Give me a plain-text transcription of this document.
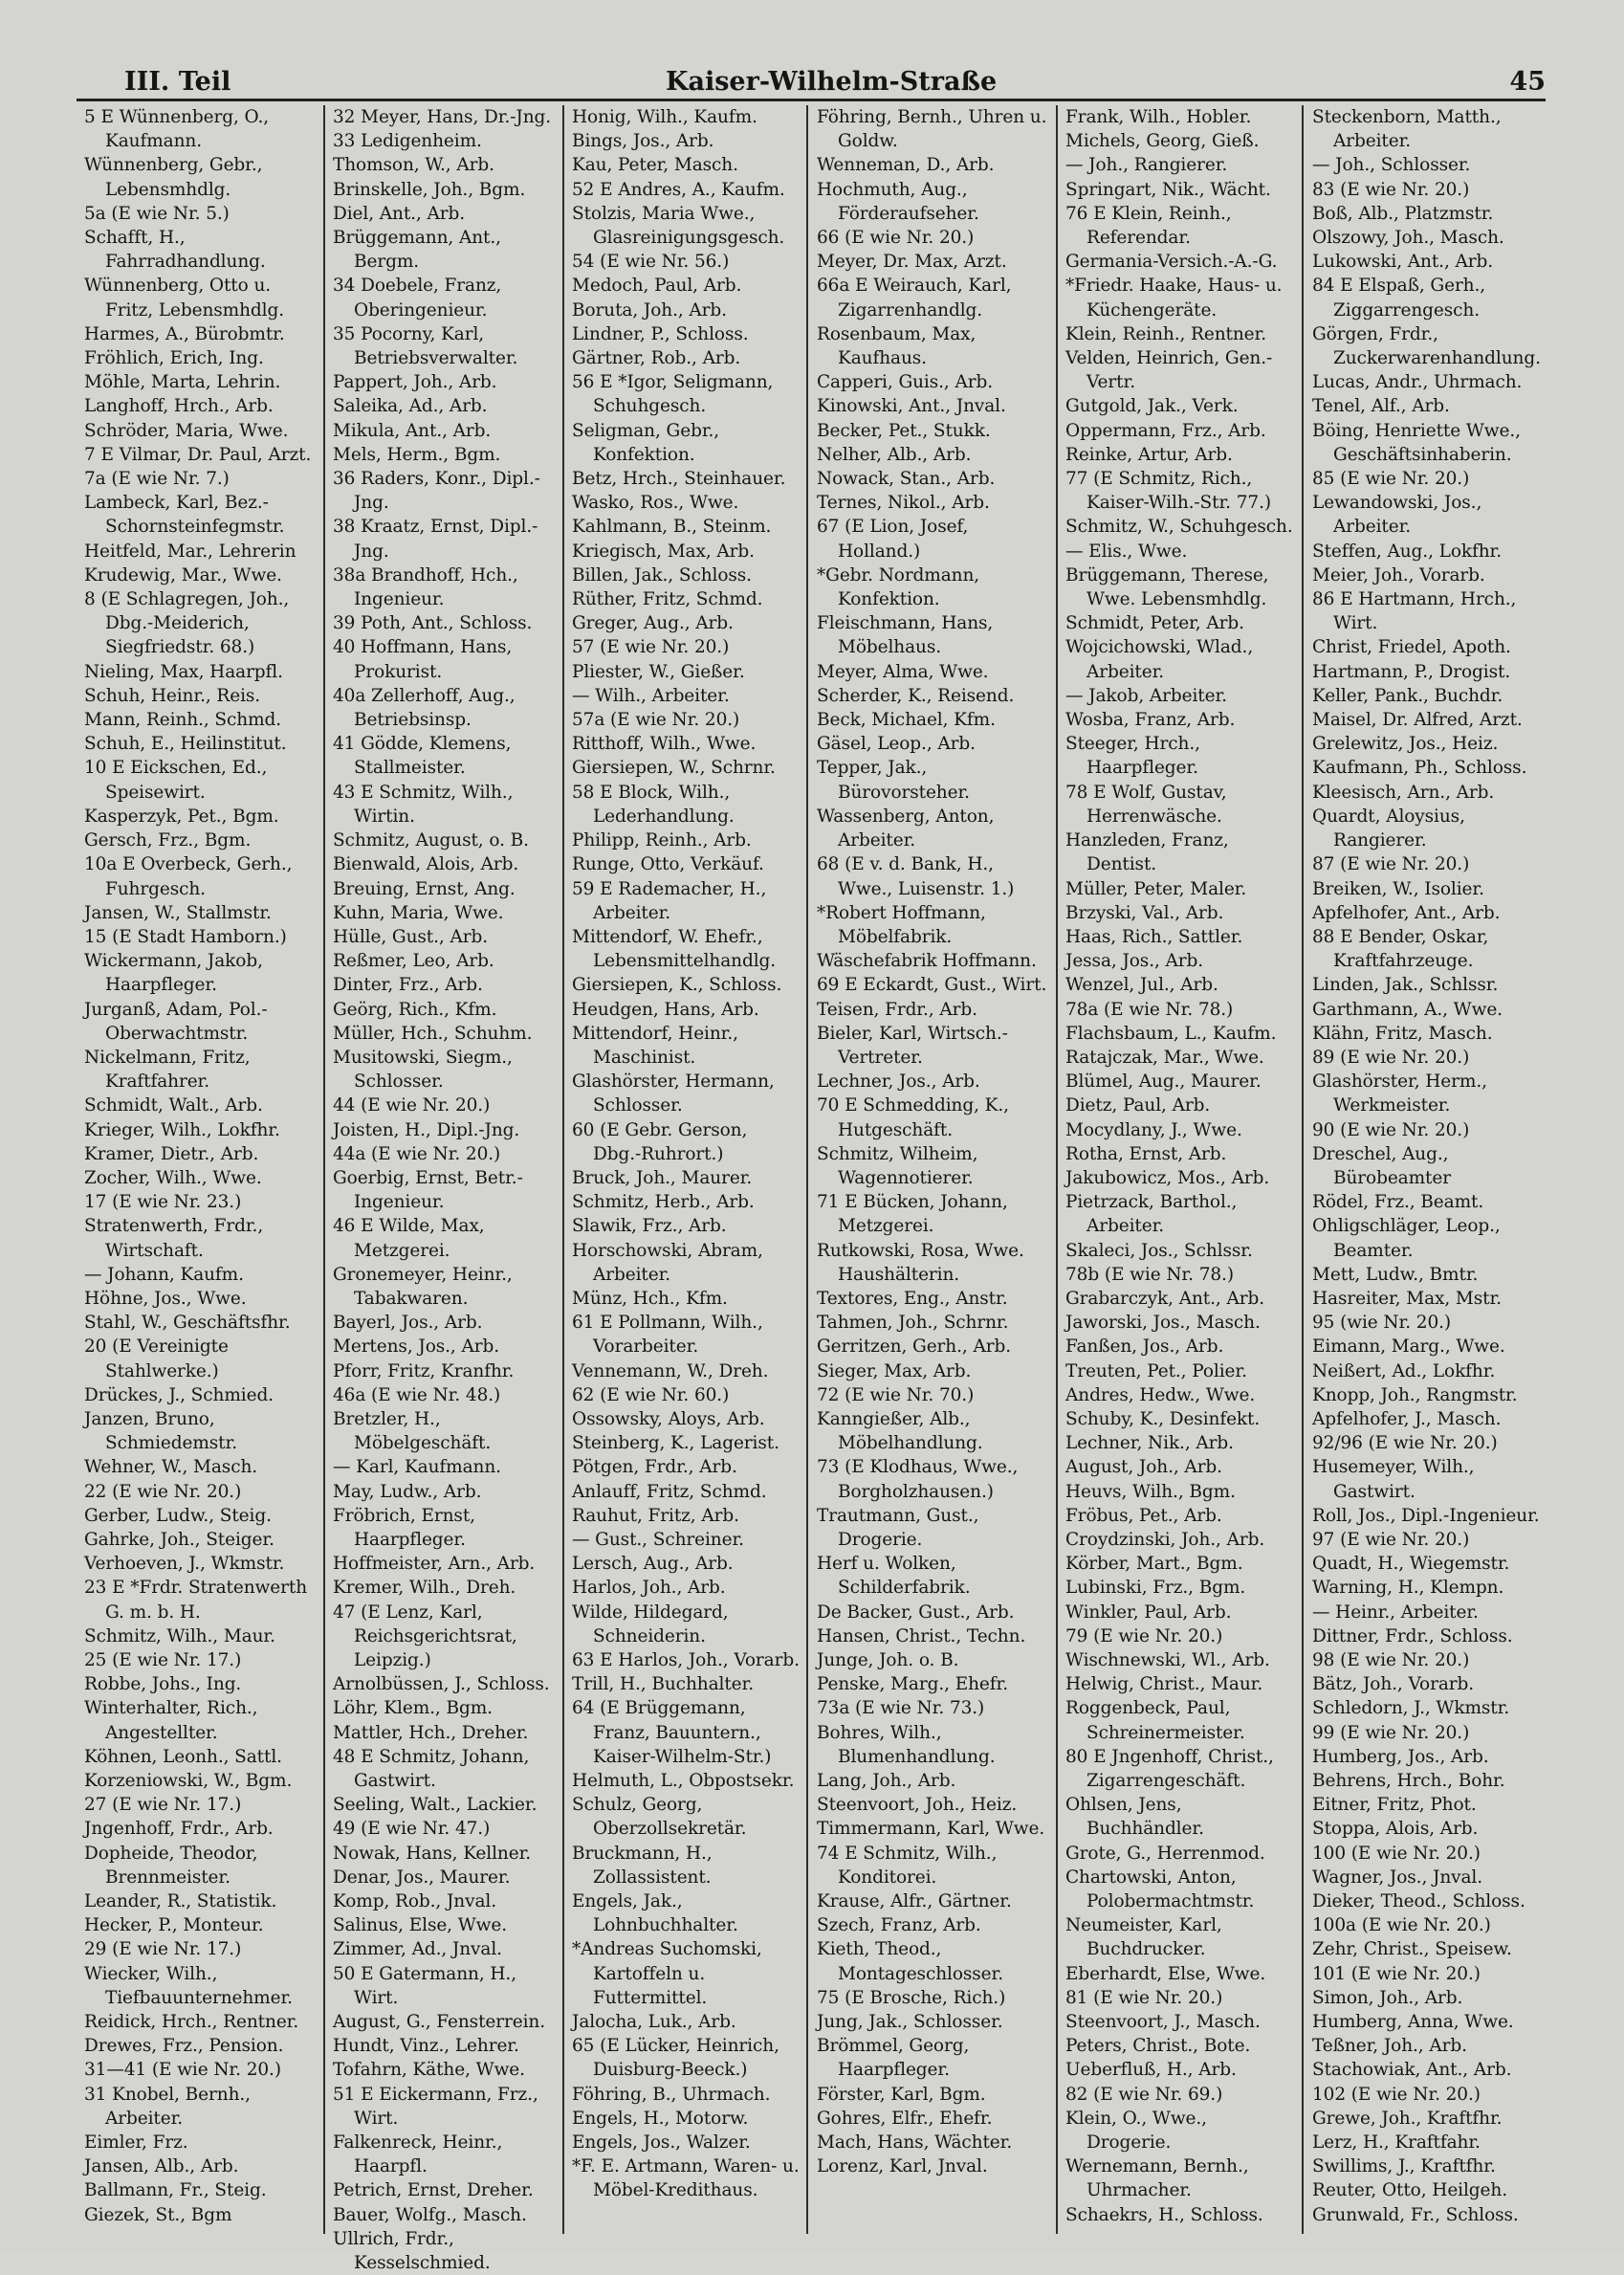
III. Teil	Kaiser-Wilhelm-Straße	45
5 E Wünnenberg, O., Kaufmann.
Wünnenberg, Gebr., Lebensmhdlg.
5a (E wie Nr. 5.)
Schafft, H., Fahrradhandlung.
Wünnenberg, Otto u. Fritz, Lebensmhdlg.
Harmes, A., Bürobmtr.
Fröhlich, Erich, Ing.
Möhle, Marta, Lehrin.
Langhoff, Hrch., Arb.
Schröder, Maria, Wwe.
7 E Vilmar, Dr. Paul, Arzt.
7a (E wie Nr. 7.)
Lambeck, Karl, Bez.-Schornsteinfegmstr.
Heitfeld, Mar., Lehrerin
Krudewig, Mar., Wwe.
8 (E Schlagregen, Joh., Dbg.-Meiderich, Siegfriedstr. 68.)
Nieling, Max, Haarpfl.
Schuh, Heinr., Reis.
Mann, Reinh., Schmd.
Schuh, E., Heilinstitut.
10 E Eickschen, Ed., Speisewirt.
Kasperzyk, Pet., Bgm.
Gersch, Frz., Bgm.
10a E Overbeck, Gerh., Fuhrgesch.
Jansen, W., Stallmstr.
15 (E Stadt Hamborn.)
Wickermann, Jakob, Haarpfleger.
Jurganß, Adam, Pol.-Oberwachtmstr.
Nickelmann, Fritz, Kraftfahrer.
Schmidt, Walt., Arb.
Krieger, Wilh., Lokfhr.
Kramer, Dietr., Arb.
Zocher, Wilh., Wwe.
17 (E wie Nr. 23.)
Stratenwerth, Frdr., Wirtschaft.
— Johann, Kaufm.
Höhne, Jos., Wwe.
Stahl, W., Geschäftsfhr.
20 (E Vereinigte Stahlwerke.)
Drückes, J., Schmied.
Janzen, Bruno, Schmiedemstr.
Wehner, W., Masch.
22 (E wie Nr. 20.)
Gerber, Ludw., Steig.
Gahrke, Joh., Steiger.
Verhoeven, J., Wkmstr.
23 E *Frdr. Stratenwerth G. m. b. H.
Schmitz, Wilh., Maur.
25 (E wie Nr. 17.)
Robbe, Johs., Ing.
Winterhalter, Rich., Angestellter.
Köhnen, Leonh., Sattl.
Korzeniowski, W., Bgm.
27 (E wie Nr. 17.)
Jngenhoff, Frdr., Arb.
Dopheide, Theodor, Brennmeister.
Leander, R., Statistik.
Hecker, P., Monteur.
29 (E wie Nr. 17.)
Wiecker, Wilh., Tiefbauunternehmer.
Reidick, Hrch., Rentner.
Drewes, Frz., Pension.
31—41 (E wie Nr. 20.)
31 Knobel, Bernh., Arbeiter.
Eimler, Frz.
Jansen, Alb., Arb.
Ballmann, Fr., Steig.
Giezek, St., Bgm
32 Meyer, Hans, Dr.-Jng.
33 Ledigenheim.
Thomson, W., Arb.
Brinskelle, Joh., Bgm.
Diel, Ant., Arb.
Brüggemann, Ant., Bergm.
34 Doebele, Franz, Oberingenieur.
35 Pocorny, Karl, Betriebsverwalter.
Pappert, Joh., Arb.
Saleika, Ad., Arb.
Mikula, Ant., Arb.
Mels, Herm., Bgm.
36 Raders, Konr., Dipl.-Jng.
38 Kraatz, Ernst, Dipl.-Jng.
38a Brandhoff, Hch., Ingenieur.
39 Poth, Ant., Schloss.
40 Hoffmann, Hans, Prokurist.
40a Zellerhoff, Aug., Betriebsinsp.
41 Gödde, Klemens, Stallmeister.
43 E Schmitz, Wilh., Wirtin.
Schmitz, August, o. B.
Bienwald, Alois, Arb.
Breuing, Ernst, Ang.
Kuhn, Maria, Wwe.
Hülle, Gust., Arb.
Reßmer, Leo, Arb.
Dinter, Frz., Arb.
Geörg, Rich., Kfm.
Müller, Hch., Schuhm.
Musitowski, Siegm., Schlosser.
44 (E wie Nr. 20.)
Joisten, H., Dipl.-Jng.
44a (E wie Nr. 20.)
Goerbig, Ernst, Betr.-Ingenieur.
46 E Wilde, Max, Metzgerei.
Gronemeyer, Heinr., Tabakwaren.
Bayerl, Jos., Arb.
Mertens, Jos., Arb.
Pforr, Fritz, Kranfhr.
46a (E wie Nr. 48.)
Bretzler, H., Möbelgeschäft.
— Karl, Kaufmann.
May, Ludw., Arb.
Fröbrich, Ernst, Haarpfleger.
Hoffmeister, Arn., Arb.
Kremer, Wilh., Dreh.
47 (E Lenz, Karl, Reichsgerichtsrat, Leipzig.)
Arnolbüssen, J., Schloss.
Löhr, Klem., Bgm.
Mattler, Hch., Dreher.
48 E Schmitz, Johann, Gastwirt.
Seeling, Walt., Lackier.
49 (E wie Nr. 47.)
Nowak, Hans, Kellner.
Denar, Jos., Maurer.
Komp, Rob., Jnval.
Salinus, Else, Wwe.
Zimmer, Ad., Jnval.
50 E Gatermann, H., Wirt.
August, G., Fensterrein.
Hundt, Vinz., Lehrer.
Tofahrn, Käthe, Wwe.
51 E Eickermann, Frz., Wirt.
Falkenreck, Heinr., Haarpfl.
Petrich, Ernst, Dreher.
Bauer, Wolfg., Masch.
Ullrich, Frdr., Kesselschmied.
Honig, Wilh., Kaufm.
Bings, Jos., Arb.
Kau, Peter, Masch.
52 E Andres, A., Kaufm.
Stolzis, Maria Wwe., Glasreinigungsgesch.
54 (E wie Nr. 56.)
Medoch, Paul, Arb.
Boruta, Joh., Arb.
Lindner, P., Schloss.
Gärtner, Rob., Arb.
56 E *Igor, Seligmann, Schuhgesch.
Seligman, Gebr., Konfektion.
Betz, Hrch., Steinhauer.
Wasko, Ros., Wwe.
Kahlmann, B., Steinm.
Kriegisch, Max, Arb.
Billen, Jak., Schloss.
Rüther, Fritz, Schmd.
Greger, Aug., Arb.
57 (E wie Nr. 20.)
Pliester, W., Gießer.
— Wilh., Arbeiter.
57a (E wie Nr. 20.)
Ritthoff, Wilh., Wwe.
Giersiepen, W., Schrnr.
58 E Block, Wilh., Lederhandlung.
Philipp, Reinh., Arb.
Runge, Otto, Verkäuf.
59 E Rademacher, H., Arbeiter.
Mittendorf, W. Ehefr., Lebensmittelhandlg.
Giersiepen, K., Schloss.
Heudgen, Hans, Arb.
Mittendorf, Heinr., Maschinist.
Glashörster, Hermann, Schlosser.
60 (E Gebr. Gerson, Dbg.-Ruhrort.)
Bruck, Joh., Maurer.
Schmitz, Herb., Arb.
Slawik, Frz., Arb.
Horschowski, Abram, Arbeiter.
Münz, Hch., Kfm.
61 E Pollmann, Wilh., Vorarbeiter.
Vennemann, W., Dreh.
62 (E wie Nr. 60.)
Ossowsky, Aloys, Arb.
Steinberg, K., Lagerist.
Pötgen, Frdr., Arb.
Anlauff, Fritz, Schmd.
Rauhut, Fritz, Arb.
— Gust., Schreiner.
Lersch, Aug., Arb.
Harlos, Joh., Arb.
Wilde, Hildegard, Schneiderin.
63 E Harlos, Joh., Vorarb.
Trill, H., Buchhalter.
64 (E Brüggemann, Franz, Bauuntern., Kaiser-Wilhelm-Str.)
Helmuth, L., Obpostsekr.
Schulz, Georg, Oberzollsekretär.
Bruckmann, H., Zollassistent.
Engels, Jak., Lohnbuchhalter.
*Andreas Suchomski, Kartoffeln u. Futtermittel.
Jalocha, Luk., Arb.
65 (E Lücker, Heinrich, Duisburg-Beeck.)
Föhring, B., Uhrmach.
Engels, H., Motorw.
Engels, Jos., Walzer.
*F. E. Artmann, Waren- u. Möbel-Kredithaus.
Föhring, Bernh., Uhren u. Goldw.
Wenneman, D., Arb.
Hochmuth, Aug., Förderaufseher.
66 (E wie Nr. 20.)
Meyer, Dr. Max, Arzt.
66a E Weirauch, Karl, Zigarrenhandlg.
Rosenbaum, Max, Kaufhaus.
Capperi, Guis., Arb.
Kinowski, Ant., Jnval.
Becker, Pet., Stukk.
Nelher, Alb., Arb.
Nowack, Stan., Arb.
Ternes, Nikol., Arb.
67 (E Lion, Josef, Holland.)
*Gebr. Nordmann, Konfektion.
Fleischmann, Hans, Möbelhaus.
Meyer, Alma, Wwe.
Scherder, K., Reisend.
Beck, Michael, Kfm.
Gäsel, Leop., Arb.
Tepper, Jak., Bürovorsteher.
Wassenberg, Anton, Arbeiter.
68 (E v. d. Bank, H., Wwe., Luisenstr. 1.)
*Robert Hoffmann, Möbelfabrik.
Wäschefabrik Hoffmann.
69 E Eckardt, Gust., Wirt.
Teisen, Frdr., Arb.
Bieler, Karl, Wirtsch.-Vertreter.
Lechner, Jos., Arb.
70 E Schmedding, K., Hutgeschäft.
Schmitz, Wilheim, Wagennotierer.
71 E Bücken, Johann, Metzgerei.
Rutkowski, Rosa, Wwe. Haushälterin.
Textores, Eng., Anstr.
Tahmen, Joh., Schrnr.
Gerritzen, Gerh., Arb.
Sieger, Max, Arb.
72 (E wie Nr. 70.)
Kanngießer, Alb., Möbelhandlung.
73 (E Klodhaus, Wwe., Borgholzhausen.)
Trautmann, Gust., Drogerie.
Herf u. Wolken, Schilderfabrik.
De Backer, Gust., Arb.
Hansen, Christ., Techn.
Junge, Joh. o. B.
Penske, Marg., Ehefr.
73a (E wie Nr. 73.)
Bohres, Wilh., Blumenhandlung.
Lang, Joh., Arb.
Steenvoort, Joh., Heiz.
Timmermann, Karl, Wwe.
74 E Schmitz, Wilh., Konditorei.
Krause, Alfr., Gärtner.
Szech, Franz, Arb.
Kieth, Theod., Montageschlosser.
75 (E Brosche, Rich.)
Jung, Jak., Schlosser.
Brömmel, Georg, Haarpfleger.
Förster, Karl, Bgm.
Gohres, Elfr., Ehefr.
Mach, Hans, Wächter.
Lorenz, Karl, Jnval.
Frank, Wilh., Hobler.
Michels, Georg, Gieß.
— Joh., Rangierer.
Springart, Nik., Wächt.
76 E Klein, Reinh., Referendar.
Germania-Versich.-A.-G.
*Friedr. Haake, Haus- u. Küchengeräte.
Klein, Reinh., Rentner.
Velden, Heinrich, Gen.-Vertr.
Gutgold, Jak., Verk.
Oppermann, Frz., Arb.
Reinke, Artur, Arb.
77 (E Schmitz, Rich., Kaiser-Wilh.-Str. 77.)
Schmitz, W., Schuhgesch.
— Elis., Wwe.
Brüggemann, Therese, Wwe. Lebensmhdlg.
Schmidt, Peter, Arb.
Wojcichowski, Wlad., Arbeiter.
— Jakob, Arbeiter.
Wosba, Franz, Arb.
Steeger, Hrch., Haarpfleger.
78 E Wolf, Gustav, Herrenwäsche.
Hanzleden, Franz, Dentist.
Müller, Peter, Maler.
Brzyski, Val., Arb.
Haas, Rich., Sattler.
Jessa, Jos., Arb.
Wenzel, Jul., Arb.
78a (E wie Nr. 78.)
Flachsbaum, L., Kaufm.
Ratajczak, Mar., Wwe.
Blümel, Aug., Maurer.
Dietz, Paul, Arb.
Mocydlany, J., Wwe.
Rotha, Ernst, Arb.
Jakubowicz, Mos., Arb.
Pietrzack, Barthol., Arbeiter.
Skaleci, Jos., Schlssr.
78b (E wie Nr. 78.)
Grabarczyk, Ant., Arb.
Jaworski, Jos., Masch.
Fanßen, Jos., Arb.
Treuten, Pet., Polier.
Andres, Hedw., Wwe.
Schuby, K., Desinfekt.
Lechner, Nik., Arb.
August, Joh., Arb.
Heuvs, Wilh., Bgm.
Fröbus, Pet., Arb.
Croydzinski, Joh., Arb.
Körber, Mart., Bgm.
Lubinski, Frz., Bgm.
Winkler, Paul, Arb.
79 (E wie Nr. 20.)
Wischnewski, Wl., Arb.
Helwig, Christ., Maur.
Roggenbeck, Paul, Schreinermeister.
80 E Jngenhoff, Christ., Zigarrengeschäft.
Ohlsen, Jens, Buchhändler.
Grote, G., Herrenmod.
Chartowski, Anton, Polobermachtmstr.
Neumeister, Karl, Buchdrucker.
Eberhardt, Else, Wwe.
81 (E wie Nr. 20.)
Steenvoort, J., Masch.
Peters, Christ., Bote.
Ueberfluß, H., Arb.
82 (E wie Nr. 69.)
Klein, O., Wwe., Drogerie.
Wernemann, Bernh., Uhrmacher.
Schaekrs, H., Schloss.
Steckenborn, Matth., Arbeiter.
— Joh., Schlosser.
83 (E wie Nr. 20.)
Boß, Alb., Platzmstr.
Olszowy, Joh., Masch.
Lukowski, Ant., Arb.
84 E Elspaß, Gerh., Ziggarrengesch.
Görgen, Frdr., Zuckerwarenhandlung.
Lucas, Andr., Uhrmach.
Tenel, Alf., Arb.
Böing, Henriette Wwe., Geschäftsinhaberin.
85 (E wie Nr. 20.)
Lewandowski, Jos., Arbeiter.
Steffen, Aug., Lokfhr.
Meier, Joh., Vorarb.
86 E Hartmann, Hrch., Wirt.
Christ, Friedel, Apoth.
Hartmann, P., Drogist.
Keller, Pank., Buchdr.
Maisel, Dr. Alfred, Arzt.
Grelewitz, Jos., Heiz.
Kaufmann, Ph., Schloss.
Kleesisch, Arn., Arb.
Quardt, Aloysius, Rangierer.
87 (E wie Nr. 20.)
Breiken, W., Isolier.
Apfelhofer, Ant., Arb.
88 E Bender, Oskar, Kraftfahrzeuge.
Linden, Jak., Schlssr.
Garthmann, A., Wwe.
Klähn, Fritz, Masch.
89 (E wie Nr. 20.)
Glashörster, Herm., Werkmeister.
90 (E wie Nr. 20.)
Dreschel, Aug., Bürobeamter
Rödel, Frz., Beamt.
Ohligschläger, Leop., Beamter.
Mett, Ludw., Bmtr.
Hasreiter, Max, Mstr.
95 (wie Nr. 20.)
Eimann, Marg., Wwe.
Neißert, Ad., Lokfhr.
Knopp, Joh., Rangmstr.
Apfelhofer, J., Masch.
92/96 (E wie Nr. 20.)
Husemeyer, Wilh., Gastwirt.
Roll, Jos., Dipl.-Ingenieur.
97 (E wie Nr. 20.)
Quadt, H., Wiegemstr.
Warning, H., Klempn.
— Heinr., Arbeiter.
Dittner, Frdr., Schloss.
98 (E wie Nr. 20.)
Bätz, Joh., Vorarb.
Schledorn, J., Wkmstr.
99 (E wie Nr. 20.)
Humberg, Jos., Arb.
Behrens, Hrch., Bohr.
Eitner, Fritz, Phot.
Stoppa, Alois, Arb.
100 (E wie Nr. 20.)
Wagner, Jos., Jnval.
Dieker, Theod., Schloss.
100a (E wie Nr. 20.)
Zehr, Christ., Speisew.
101 (E wie Nr. 20.)
Simon, Joh., Arb.
Humberg, Anna, Wwe.
Teßner, Joh., Arb.
Stachowiak, Ant., Arb.
102 (E wie Nr. 20.)
Grewe, Joh., Kraftfhr.
Lerz, H., Kraftfahr.
Swillims, J., Kraftfhr.
Reuter, Otto, Heilgeh.
Grunwald, Fr., Schloss.
